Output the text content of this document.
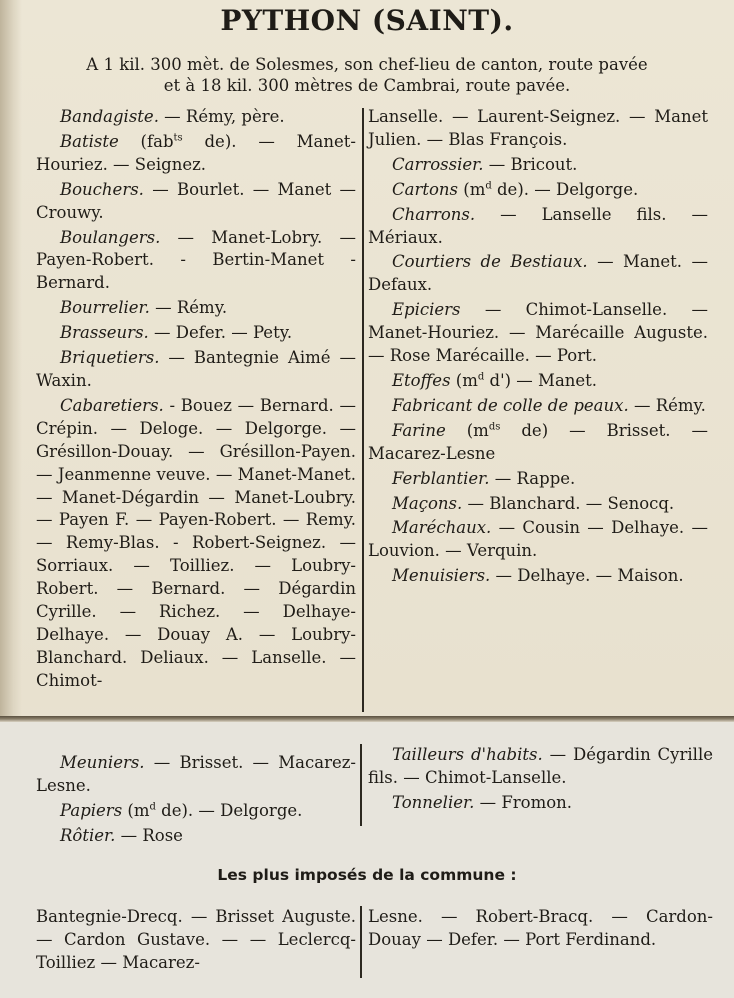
PYTHON (SAINT).
A 1 kil. 300 mèt. de Solesmes, son chef-lieu de canton, route pavée
et à 18 kil. 300 mètres de Cambrai, route pavée.
Bandagiste. — Rémy, père.
Batiste (fab$^{ts}$ de). — Manet-Houriez. — Seignez.
Bouchers. — Bourlet. — Manet — Crouwy.
Boulangers. — Manet-Lobry. — Payen-Robert. - Bertin-Manet - Bernard.
Bourrelier. — Rémy.
Brasseurs. — Defer. — Pety.
Briquetiers. — Bantegnie Aimé — Waxin.
Cabaretiers. - Bouez — Bernard. — Crépin. — Deloge. — Delgorge. — Grésillon-Douay. — Grésillon-Payen. — Jeanmenne veuve. — Manet-Manet. — Manet-Dégardin — Manet-Loubry. — Payen F. — Payen-Robert. — Remy. — Remy-Blas. - Robert-Seignez. — Sorriaux. — Toilliez. — Loubry-Robert. — Bernard. — Dégardin Cyrille. — Richez. — Delhaye-Delhaye. — Douay A. — Loubry-Blanchard. Deliaux. — Lanselle. — Chimot-
Lanselle. — Laurent-Seignez. — Manet Julien. — Blas François.
Carrossier. — Bricout.
Cartons ($m^d$ de). — Delgorge.
Charrons. — Lanselle fils. — Mériaux.
Courtiers de Bestiaux. — Manet. — Defaux.
Epiciers — Chimot-Lanselle. — Manet-Houriez. — Marécaille Auguste. — Rose Marécaille. — Port.
Etoffes ($m^d$ d') — Manet.
Fabricant de colle de peaux. — Rémy.
Farine ($m^{ds}$ de) — Brisset. — Macarez-Lesne
Ferblantier. — Rappe.
Maçons. — Blanchard. — Senocq.
Maréchaux. — Cousin — Delhaye. — Louvion. — Verquin.
Menuisiers. — Delhaye. — Maison.
Meuniers. — Brisset. — Macarez-Lesne.
Papiers ($m^d$ de). — Delgorge.
Rôtier. — Rose
Tailleurs d'habits. — Dégardin Cyrille fils. — Chimot-Lanselle.
Tonnelier. — Fromon.
Les plus imposés de la commune :
Bantegnie-Drecq. — Brisset Auguste. — Cardon Gustave. — — Leclercq-Toilliez — Macarez-
Lesne. — Robert-Bracq. — Cardon-Douay — Defer. — Port Ferdinand.
